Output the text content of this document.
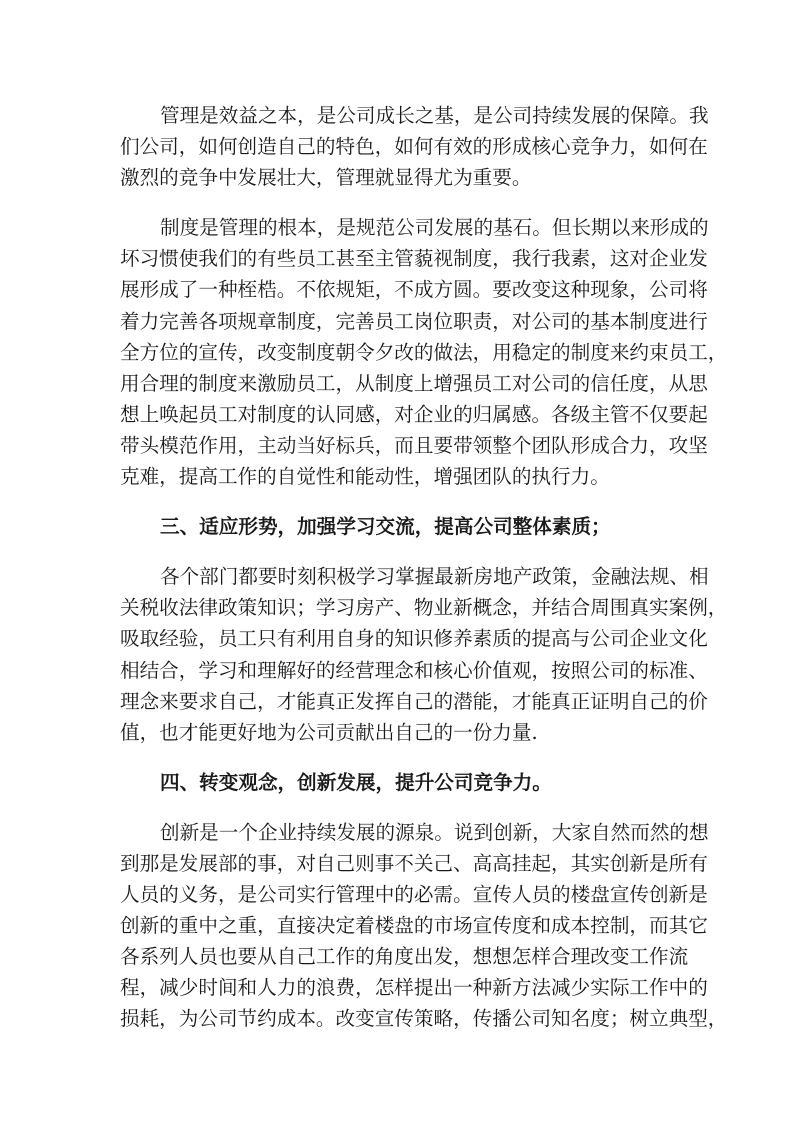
管理是效益之本，是公司成长之基，是公司持续发展的保障。我
们公司，如何创造自己的特色，如何有效的形成核心竞争力，如何在
激烈的竞争中发展壮大，管理就显得尤为重要。
制度是管理的根本，是规范公司发展的基石。但长期以来形成的
坏习惯使我们的有些员工甚至主管藐视制度，我行我素，这对企业发
展形成了一种桎梏。不依规矩，不成方圆。要改变这种现象，公司将
着力完善各项规章制度，完善员工岗位职责，对公司的基本制度进行
全方位的宣传，改变制度朝令夕改的做法，用稳定的制度来约束员工，
用合理的制度来激励员工，从制度上增强员工对公司的信任度，从思
想上唤起员工对制度的认同感，对企业的归属感。各级主管不仅要起
带头模范作用，主动当好标兵，而且要带领整个团队形成合力，攻坚
克难，提高工作的自觉性和能动性，增强团队的执行力。
三、适应形势，加强学习交流，提高公司整体素质；
各个部门都要时刻积极学习掌握最新房地产政策，金融法规、相
关税收法律政策知识；学习房产、物业新概念，并结合周围真实案例，
吸取经验，员工只有利用自身的知识修养素质的提高与公司企业文化
相结合，学习和理解好的经营理念和核心价值观，按照公司的标准、
理念来要求自己，才能真正发挥自己的潜能，才能真正证明自己的价
值，也才能更好地为公司贡献出自己的一份力量.
四、转变观念，创新发展，提升公司竞争力。
创新是一个企业持续发展的源泉。说到创新，大家自然而然的想
到那是发展部的事，对自己则事不关己、高高挂起，其实创新是所有
人员的义务，是公司实行管理中的必需。宣传人员的楼盘宣传创新是
创新的重中之重，直接决定着楼盘的市场宣传度和成本控制，而其它
各系列人员也要从自己工作的角度出发，想想怎样合理改变工作流
程，减少时间和人力的浪费，怎样提出一种新方法减少实际工作中的
损耗，为公司节约成本。改变宣传策略，传播公司知名度；树立典型，
